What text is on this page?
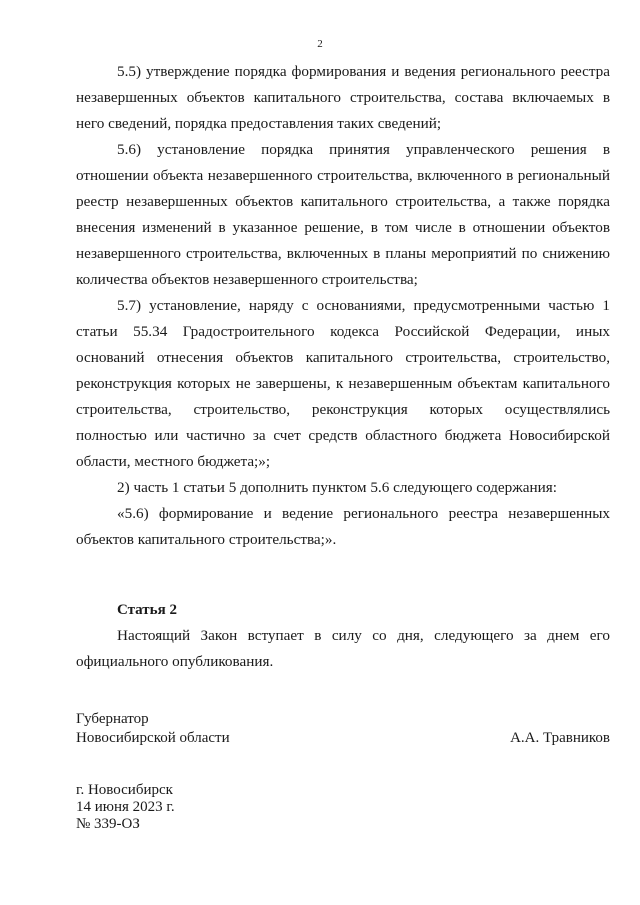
2

5.5) утверждение порядка формирования и ведения регионального реестра незавершенных объектов капитального строительства, состава включаемых в него сведений, порядка предоставления таких сведений;

5.6) установление порядка принятия управленческого решения в отношении объекта незавершенного строительства, включенного в региональный реестр незавершенных объектов капитального строительства, а также порядка внесения изменений в указанное решение, в том числе в отношении объектов незавершенного строительства, включенных в планы мероприятий по снижению количества объектов незавершенного строительства;

5.7) установление, наряду с основаниями, предусмотренными частью 1 статьи 55.34 Градостроительного кодекса Российской Федерации, иных оснований отнесения объектов капитального строительства, строительство, реконструкция которых не завершены, к незавершенным объектам капитального строительства, строительство, реконструкция которых осуществлялись полностью или частично за счет средств областного бюджета Новосибирской области, местного бюджета;»;

2) часть 1 статьи 5 дополнить пунктом 5.6 следующего содержания:

«5.6) формирование и ведение регионального реестра незавершенных объектов капитального строительства;».

Статья 2

Настоящий Закон вступает в силу со дня, следующего за днем его официального опубликования.

Губернатор
Новосибирской области	А.А. Травников
г. Новосибирск
14 июня 2023 г.
№ 339-ОЗ
